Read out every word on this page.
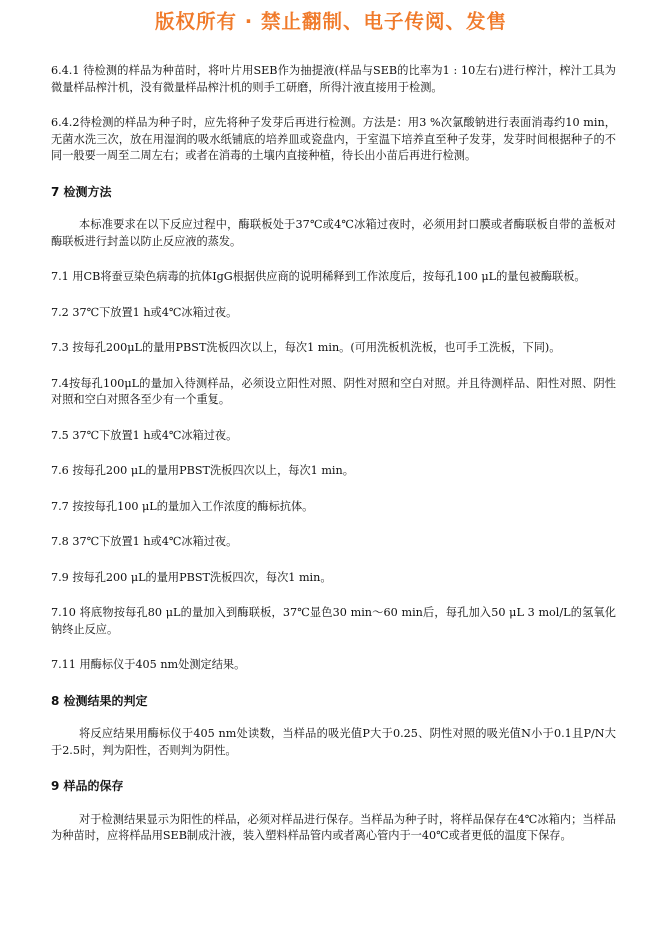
版权所有 · 禁止翻制、电子传阅、发售

6.4.1 待检测的样品为种苗时，将叶片用SEB作为抽提液(样品与SEB的比率为1 : 10左右)进行榨汁，榨汁工具为微量样品榨汁机，没有微量样品榨汁机的则手工研磨，所得汁液直接用于检测。

6.4.2待检测的样品为种子时，应先将种子发芽后再进行检测。方法是：用3 %次氯酸钠进行表面消毒约10 min，无菌水洗三次，放在用湿润的吸水纸铺底的培养皿或瓷盘内，于室温下培养直至种子发芽，发芽时间根据种子的不同一般要一周至二周左右；或者在消毒的土壤内直接种植，待长出小苗后再进行检测。

7 检测方法

本标准要求在以下反应过程中，酶联板处于37℃或4℃冰箱过夜时，必须用封口膜或者酶联板自带的盖板对酶联板进行封盖以防止反应液的蒸发。

7.1 用CB将蚕豆染色病毒的抗体IgG根据供应商的说明稀释到工作浓度后，按每孔100 μL的量包被酶联板。

7.2 37℃下放置1 h或4℃冰箱过夜。

7.3 按每孔200μL的量用PBST洗板四次以上，每次1 min。(可用洗板机洗板，也可手工洗板，下同)。

7.4按每孔100μL的量加入待测样品，必须设立阳性对照、阴性对照和空白对照。并且待测样品、阳性对照、阴性对照和空白对照各至少有一个重复。

7.5 37℃下放置1 h或4℃冰箱过夜。

7.6 按每孔200 μL的量用PBST洗板四次以上，每次1 min。

7.7 按按每孔100 μL的量加入工作浓度的酶标抗体。

7.8 37℃下放置1 h或4℃冰箱过夜。

7.9 按每孔200 μL的量用PBST洗板四次，每次1 min。

7.10 将底物按每孔80 μL的量加入到酶联板，37℃显色30 min～60 min后，每孔加入50 μL 3 mol/L的氢氧化钠终止反应。

7.11 用酶标仪于405 nm处测定结果。

8 检测结果的判定

将反应结果用酶标仪于405 nm处读数，当样品的吸光值P大于0.25、阴性对照的吸光值N小于0.1且P/N大于2.5时，判为阳性，否则判为阴性。

9 样品的保存

对于检测结果显示为阳性的样品，必须对样品进行保存。当样品为种子时，将样品保存在4℃冰箱内；当样品为种苗时，应将样品用SEB制成汁液，装入塑料样品管内或者离心管内于一40℃或者更低的温度下保存。
